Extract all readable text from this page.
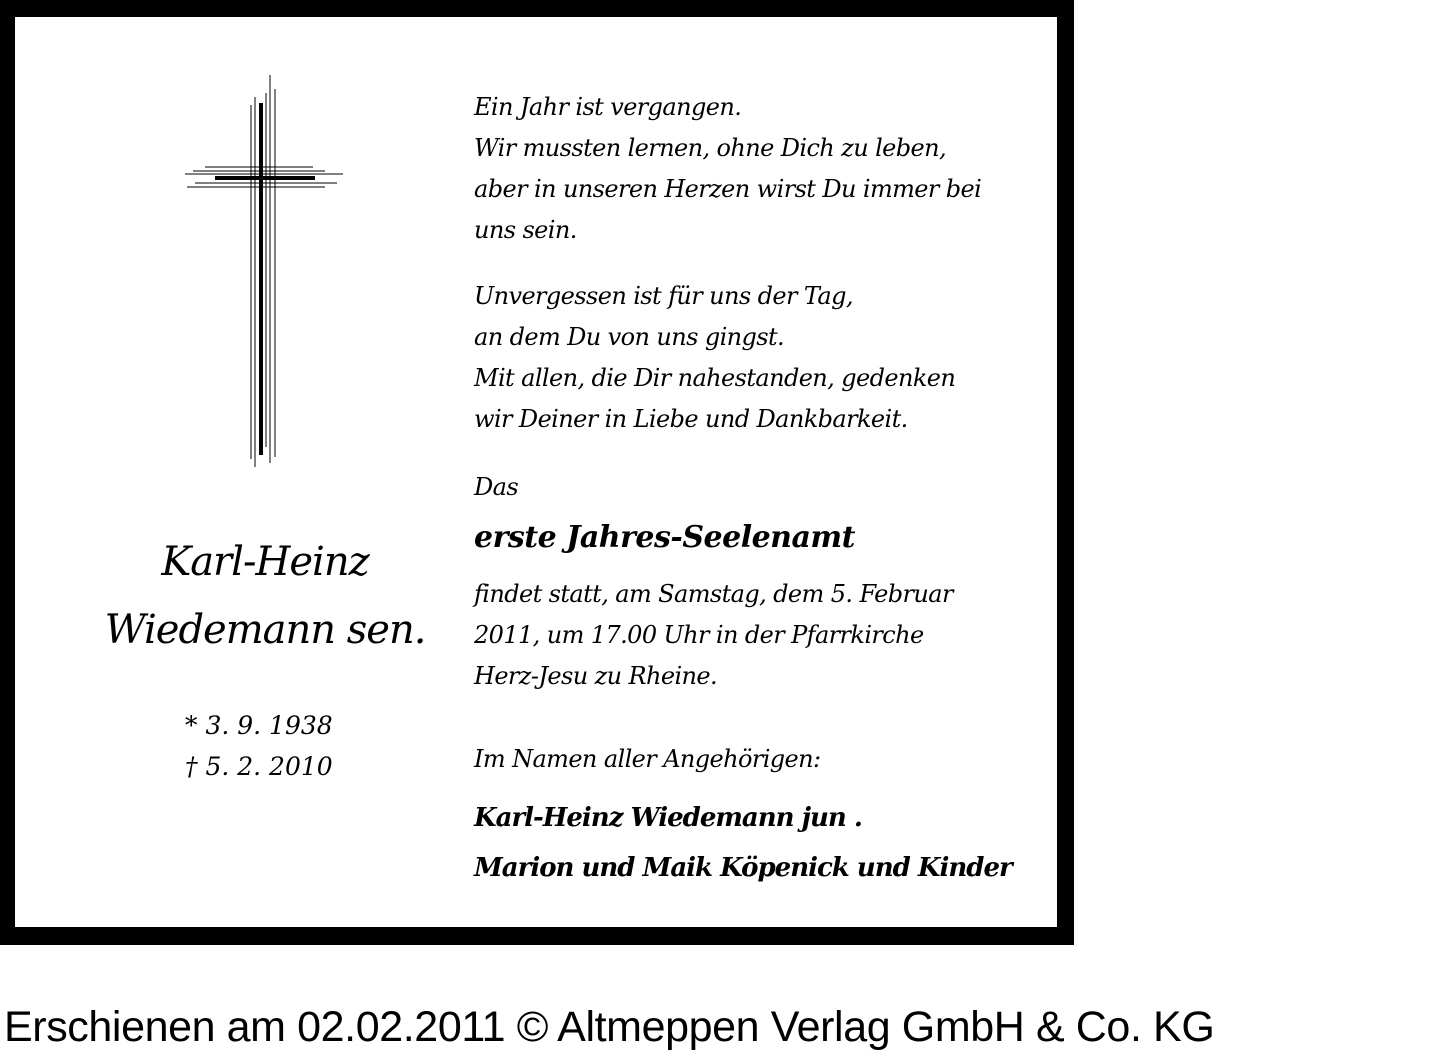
Karl-Heinz

Wiedemann sen.

* 3. 9. 1938
† 5. 2. 2010
Ein Jahr ist vergangen.
Wir mussten lernen, ohne Dich zu leben,
aber in unseren Herzen wirst Du immer bei
uns sein.
Unvergessen ist für uns der Tag,
an dem Du von uns gingst.
Mit allen, die Dir nahestanden, gedenken
wir Deiner in Liebe und Dankbarkeit.

Das

erste Jahres-Seelenamt

findet statt, am Samstag, dem 5. Februar
2011, um 17.00 Uhr in der Pfarrkirche
Herz-Jesu zu Rheine.

Im Namen aller Angehörigen:

Karl-Heinz Wiedemann jun .

Marion und Maik Köpenick und Kinder

Erschienen am 02.02.2011 © Altmeppen Verlag GmbH & Co. KG
